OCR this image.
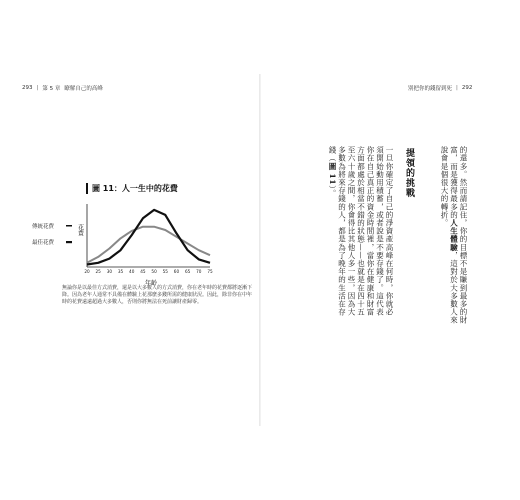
293 | 第 5 章 瞭解自己的高峰	別把你的錢留到死 | 292
圖 11：人一生中的花費
傳統花費
最佳花費
花費
20 25 30 35 40 45 50 55 60 65 70 75
年齡
無論你是以最佳方式消費，還是以大多數人的方式消費，你在老年時的花費都將逐漸下降。因為老年人通常不具備在體驗上花那麼多錢所需的健康狀況。因此，除非你在中年時的花費遠遠超過大多數人，否則你將無法在死前讓財產歸零。	的還多。然而請記住，你的目標不是賺到最多的財富，而是獲得最多的人生體驗，這對於大多數人來說會是個很大的轉折。
提領的挑戰
一旦你確定了自己的淨資產高峰在何時，你就必須開始動用積蓄，或者說是不要存錢了。這代表你在自己真正的資金時間裡，當你在健康和財富方面都處於相當不錯的狀態——也就是在四十五至六十歲之間，你會得比其他人多一些，因為大多數為將來存錢的人，都是為了晚年的生活在存錢（圖 11）。
